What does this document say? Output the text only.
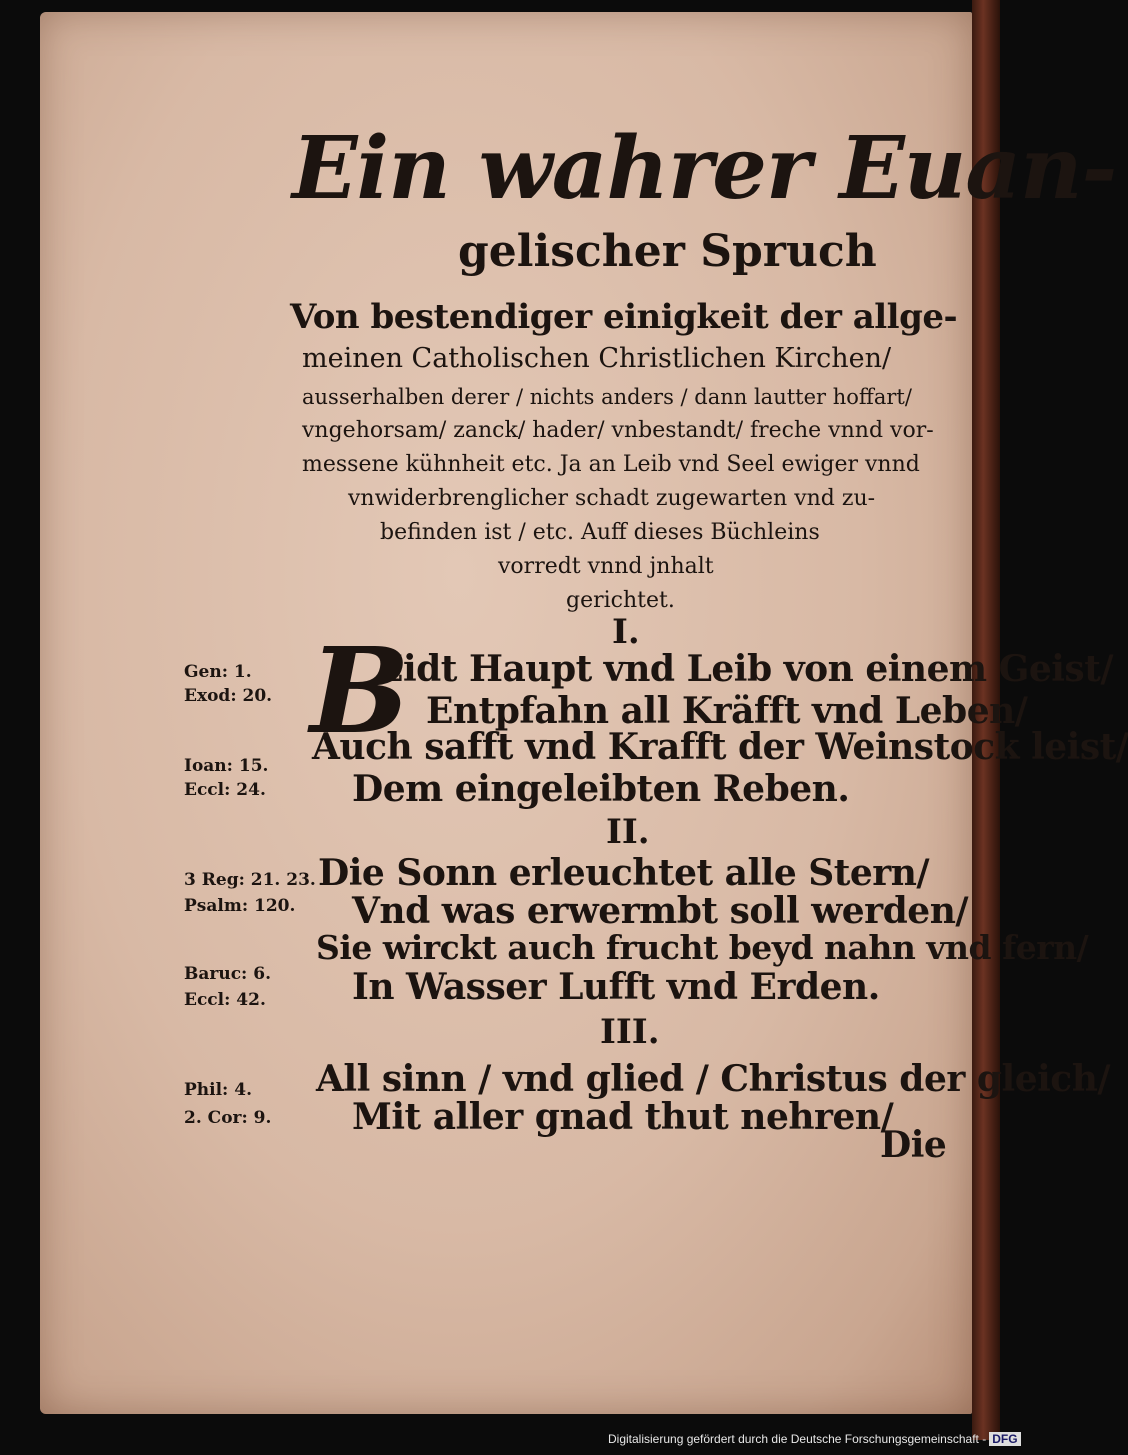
Ein wahrer Euan-
gelischer Spruch
Von bestendiger einigkeit der allge-
meinen Catholischen Christlichen Kirchen/
ausserhalben derer / nichts anders / dann lautter hoffart/
vngehorsam/ zanck/ hader/ vnbestandt/ freche vnnd vor-
messene kühnheit etc. Ja an Leib vnd Seel ewiger vnnd
vnwiderbrenglicher schadt zugewarten vnd zu-
befinden ist / etc. Auff dieses Büchleins
vorredt vnnd jnhalt
gerichtet.
I.
B
Eidt Haupt vnd Leib von einem Geist/
Entpfahn all Kräfft vnd Leben/
Auch safft vnd Krafft der Weinstock leist/
Dem eingeleibten Reben.
II.
Die Sonn erleuchtet alle Stern/
Vnd was erwermbt soll werden/
Sie wirckt auch frucht beyd nahn vnd fern/
In Wasser Lufft vnd Erden.
III.
All sinn / vnd glied / Christus der gleich/
Mit aller gnad thut nehren/
Die
Gen: 1.
Exod: 20.
Ioan: 15.
Eccl: 24.
3 Reg: 21. 23.
Psalm: 120.
Baruc: 6.
Eccl: 42.
Phil: 4.
2. Cor: 9.
Digitalisierung gefördert durch die Deutsche Forschungsgemeinschaft - DFG
